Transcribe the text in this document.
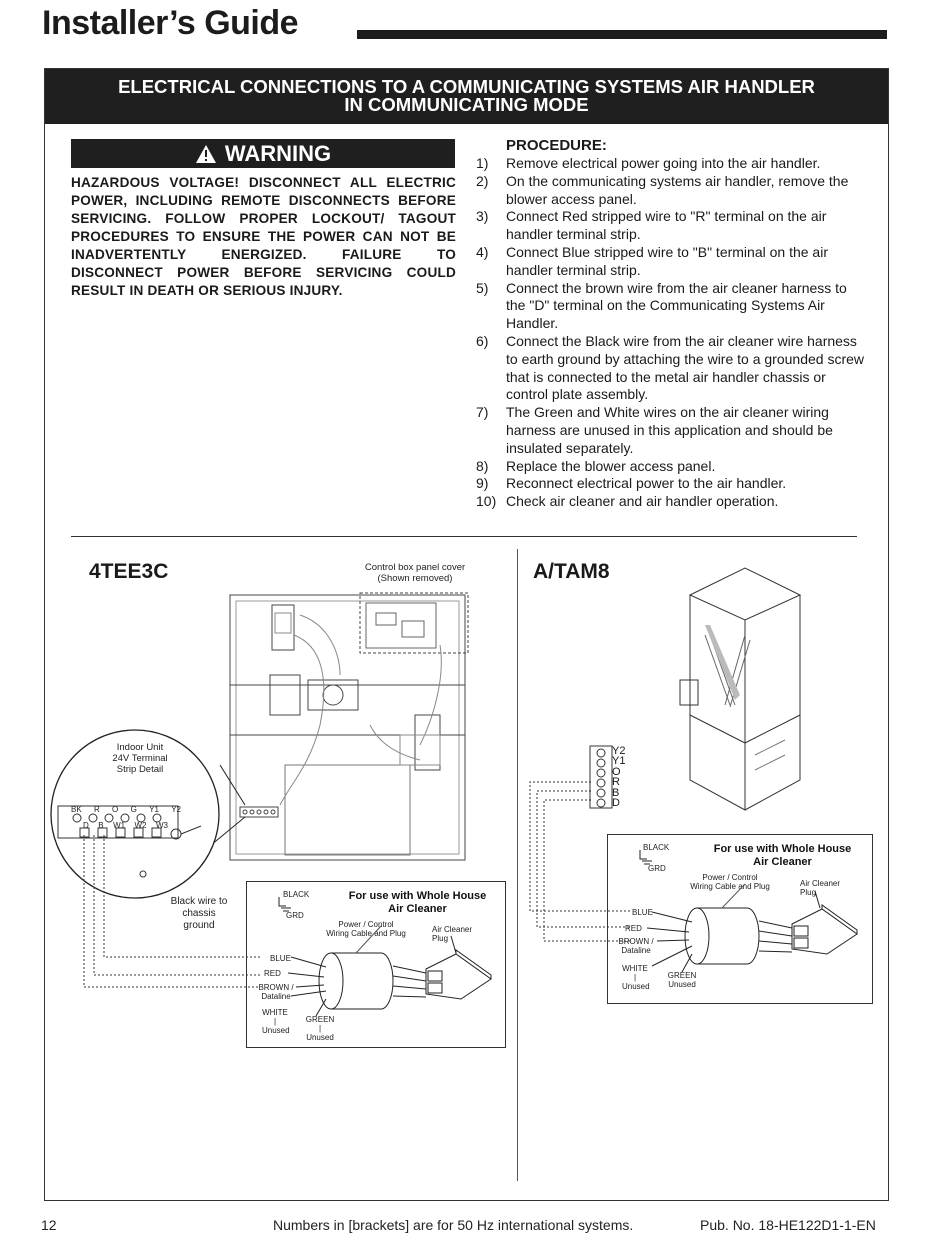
Installer’s Guide
ELECTRICAL CONNECTIONS TO A COMMUNICATING SYSTEMS AIR HANDLER
IN COMMUNICATING MODE
WARNING
HAZARDOUS VOLTAGE! DISCONNECT ALL ELECTRIC POWER, INCLUDING REMOTE DISCONNECTS BEFORE SERVICING. FOLLOW PROPER LOCKOUT/ TAGOUT PROCEDURES TO ENSURE THE POWER CAN NOT BE INADVERTENTLY ENERGIZED. FAILURE TO DISCONNECT POWER BEFORE SERVICING COULD RESULT IN DEATH OR SERIOUS INJURY.
PROCEDURE:
1) Remove electrical power going into the air handler.
2) On the communicating systems air handler, remove the blower access panel.
3) Connect Red stripped wire to "R" terminal on the air handler terminal strip.
4) Connect Blue stripped wire to "B" terminal on the air handler terminal strip.
5) Connect the brown wire from the air cleaner harness to the "D" terminal on the Communicating Systems Air Handler.
6) Connect the Black wire from the air cleaner wire harness to earth ground by attaching the wire to a grounded screw that is connected to the metal air handler chassis or control plate assembly.
7) The Green and White wires on the air cleaner wiring harness are unused in this application and should be insulated separately.
8) Replace the blower access panel.
9) Reconnect electrical power to the air handler.
10) Check air cleaner and air handler operation.
4TEE3C	Control box panel cover
(Shown removed)
Indoor Unit
24V Terminal
Strip Detail
BK R O G Y1 Y2
D B W1 W2 W3
Black wire to
chassis
ground
For use with Whole House
Air Cleaner
BLACK
GRD
Power / Control
Wiring Cable and Plug	Air Cleaner
Plug
BLUE
RED
BROWN /
Dataline
WHITE
|
Unused
GREEN
|
Unused
A/TAM8
Y2
Y1
O
R
B
D
For use with Whole House
Air Cleaner
BLACK
GRD
Power / Control
Wiring Cable and Plug	Air Cleaner
Plug
BLUE
RED
BROWN /
Dataline
WHITE
|
Unused
GREEN
Unused
12	Numbers in [brackets] are for 50 Hz international systems.	Pub. No. 18-HE122D1-1-EN
